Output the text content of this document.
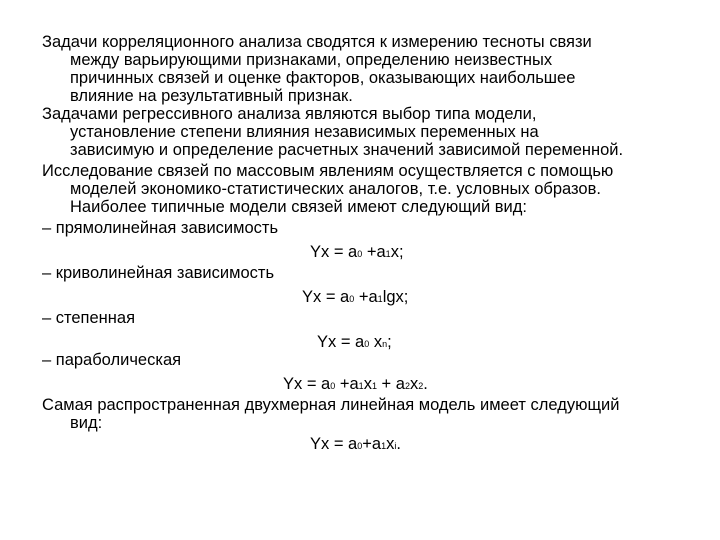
Задачи корреляционного анализа сводятся к измерению тесноты связи
между варьирующими признаками, определению неизвестных
причинных связей и оценке факторов, оказывающих наибольшее
влияние на результативный признак.
Задачами регрессивного анализа являются выбор типа модели,
установление степени влияния независимых переменных на
зависимую и определение расчетных значений зависимой переменной.
Исследование связей по массовым явлениям осуществляется с помощью
моделей экономико-статистических аналогов, т.е. условных образов.
Наиболее типичные модели связей имеют следующий вид:
– прямолинейная зависимость
Yx = a0 +a1x;
– криволинейная зависимость
Yx = a0 +a1lgx;
– степенная
Yx = a0 xn;
– параболическая
Yx = a0 +a1x1 + a2x2.
Самая распространенная двухмерная линейная модель имеет следующий
вид:
Yx = a0+a1xi.
